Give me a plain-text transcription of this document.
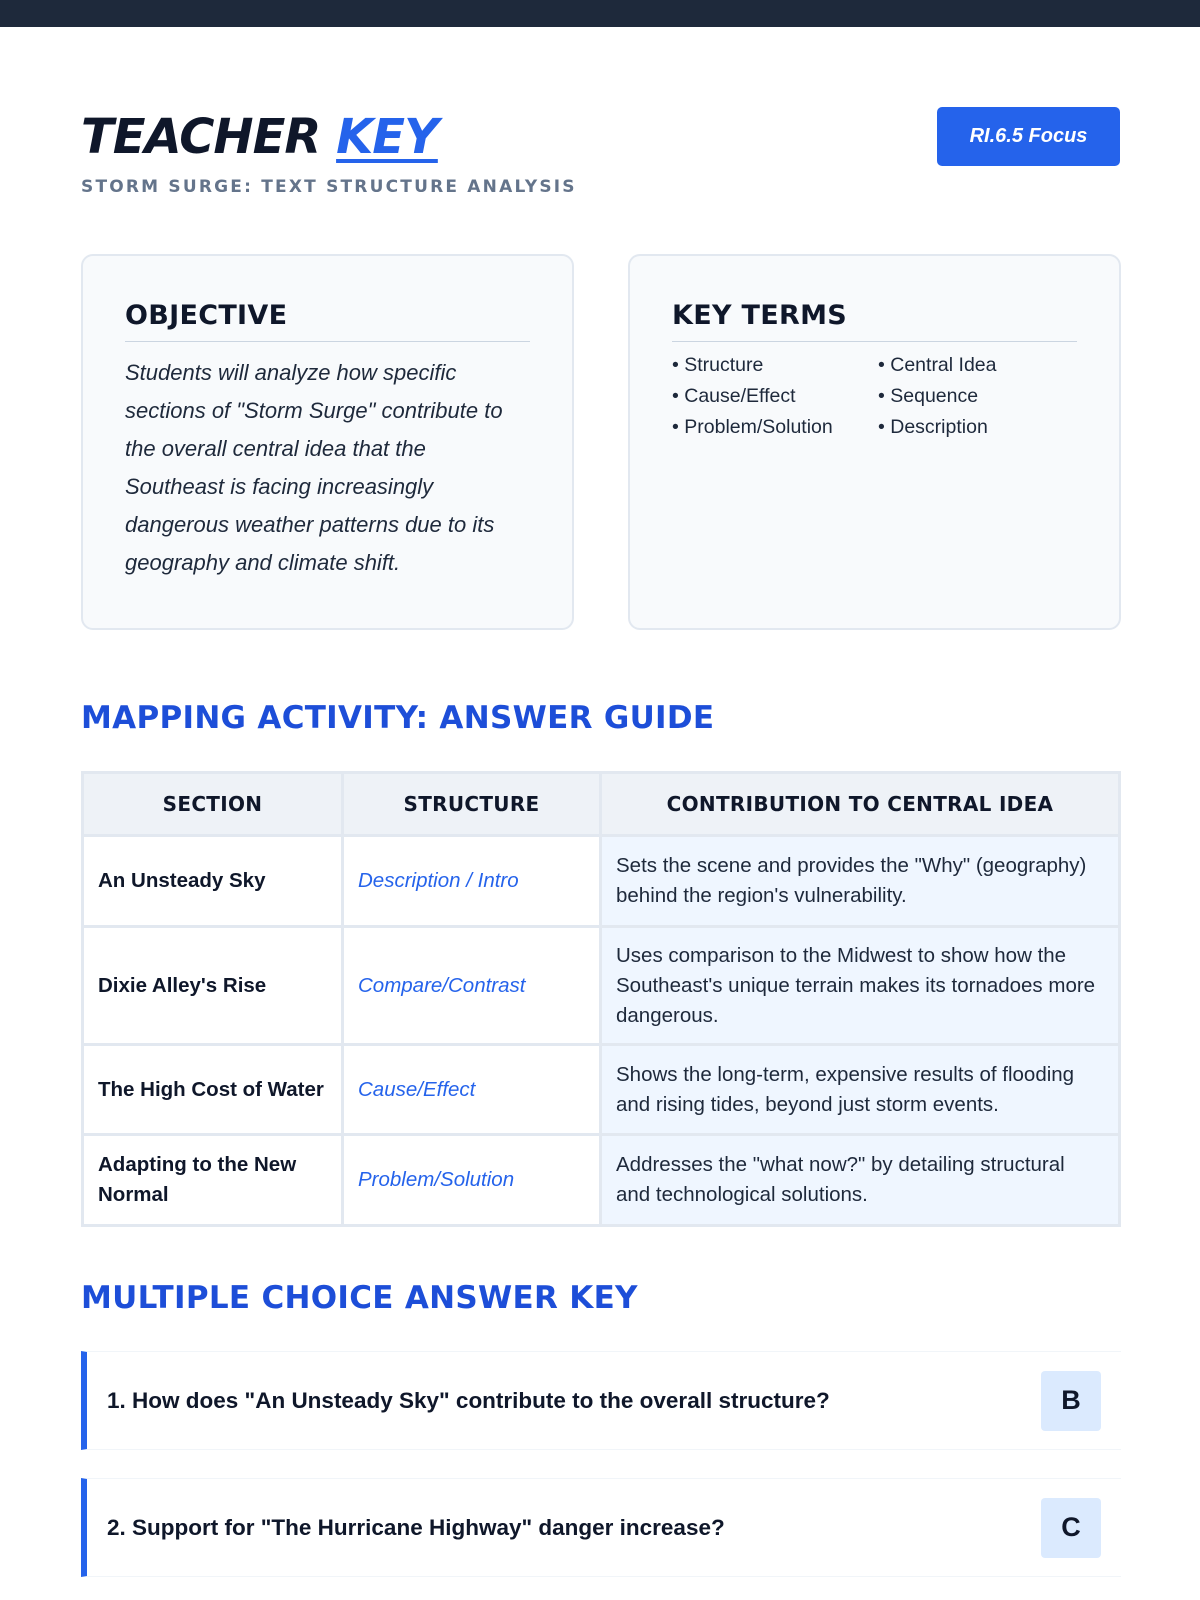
TEACHER KEY
STORM SURGE: TEXT STRUCTURE ANALYSIS
RI.6.5 Focus
OBJECTIVE

Students will analyze how specific sections of "Storm Surge" contribute to the overall central idea that the Southeast is facing increasingly dangerous weather patterns due to its geography and climate shift.

KEY TERMS
• Structure	• Central Idea
• Cause/Effect	• Sequence
• Problem/Solution	• Description
MAPPING ACTIVITY: ANSWER GUIDE
SECTION	STRUCTURE	CONTRIBUTION TO CENTRAL IDEA
An Unsteady Sky	Description / Intro	Sets the scene and provides the "Why" (geography) behind the region's vulnerability.
Dixie Alley's Rise	Compare/Contrast	Uses comparison to the Midwest to show how the Southeast's unique terrain makes its tornadoes more dangerous.
The High Cost of Water	Cause/Effect	Shows the long-term, expensive results of flooding and rising tides, beyond just storm events.
Adapting to the New Normal	Problem/Solution	Addresses the "what now?" by detailing structural and technological solutions.
MULTIPLE CHOICE ANSWER KEY
1. How does "An Unsteady Sky" contribute to the overall structure?	B
2. Support for "The Hurricane Highway" danger increase?	C
